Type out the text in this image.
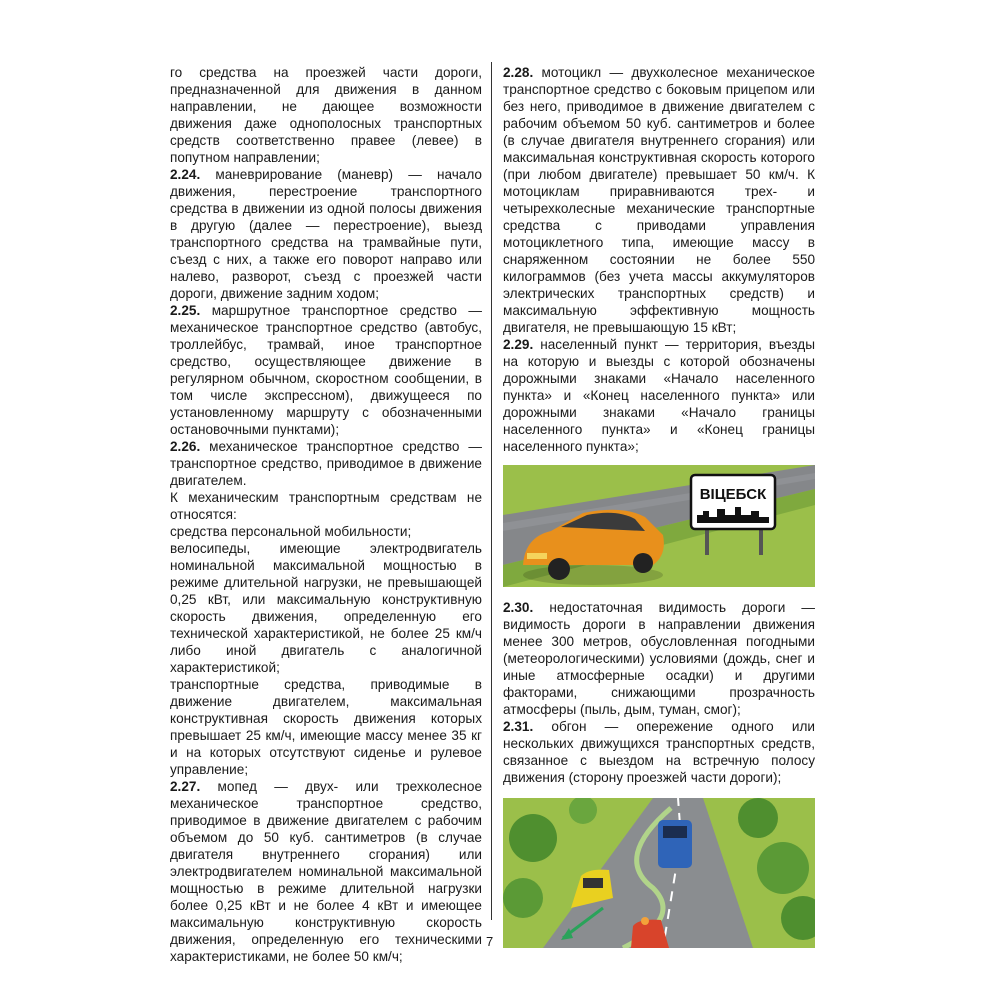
го средства на проезжей части дороги, предназначенной для движения в данном направлении, не дающее возможности движения даже однополосных транспортных средств соответственно правее (левее) в попутном направлении;

2.24. маневрирование (маневр) — начало движения, перестроение транспортного средства в движении из одной полосы движения в другую (далее — перестроение), выезд транспортного средства на трамвайные пути, съезд с них, а также его поворот направо или налево, разворот, съезд с проезжей части дороги, движение задним ходом;

2.25. маршрутное транспортное средство — механическое транспортное средство (автобус, троллейбус, трамвай, иное транспортное средство, осуществляющее движение в регулярном обычном, скоростном сообщении, в том числе экспрессном), движущееся по установленному маршруту с обозначенными остановочными пунктами);

2.26. механическое транспортное средство — транспортное средство, приводимое в движение двигателем.

К механическим транспортным средствам не относятся:

средства персональной мобильности;

велосипеды, имеющие электродвигатель номинальной максимальной мощностью в режиме длительной нагрузки, не превышающей 0,25 кВт, или максимальную конструктивную скорость движения, определенную его технической характеристикой, не более 25 км/ч либо иной двигатель с аналогичной характеристикой;

транспортные средства, приводимые в движение двигателем, максимальная конструктивная скорость движения которых превышает 25 км/ч, имеющие массу менее 35 кг и на которых отсутствуют сиденье и рулевое управление;

2.27. мопед — двух- или трехколесное механическое транспортное средство, приводимое в движение двигателем с рабочим объемом до 50 куб. сантиметров (в случае двигателя внутреннего сгорания) или электродвигателем номинальной максимальной мощностью в режиме длительной нагрузки более 0,25 кВт и не более 4 кВт и имеющее максимальную конструктивную скорость движения, определенную его техническими характеристиками, не более 50 км/ч;

2.28. мотоцикл — двухколесное механическое транспортное средство с боковым прицепом или без него, приводимое в движение двигателем с рабочим объемом 50 куб. сантиметров и более (в случае двигателя внутреннего сгорания) или максимальная конструктивная скорость которого (при любом двигателе) превышает 50 км/ч. К мотоциклам приравниваются трех- и четырехколесные механические транспортные средства с приводами управления мотоциклетного типа, имеющие массу в снаряженном состоянии не более 550 килограммов (без учета массы аккумуляторов электрических транспортных средств) и максимальную эффективную мощность двигателя, не превышающую 15 кВт;

2.29. населенный пункт — территория, въезды на которую и выезды с которой обозначены дорожными знаками «Начало населенного пункта» и «Конец населенного пункта» или дорожными знаками «Начало границы населенного пункта» и «Конец границы населенного пункта»;

ВІЦЕБСК

2.30. недостаточная видимость дороги — видимость дороги в направлении движения менее 300 метров, обусловленная погодными (метеорологическими) условиями (дождь, снег и иные атмосферные осадки) и другими факторами, снижающими прозрачность атмосферы (пыль, дым, туман, смог);

2.31. обгон — опережение одного или нескольких движущихся транспортных средств, связанное с выездом на встречную полосу движения (сторону проезжей части дороги);

7
